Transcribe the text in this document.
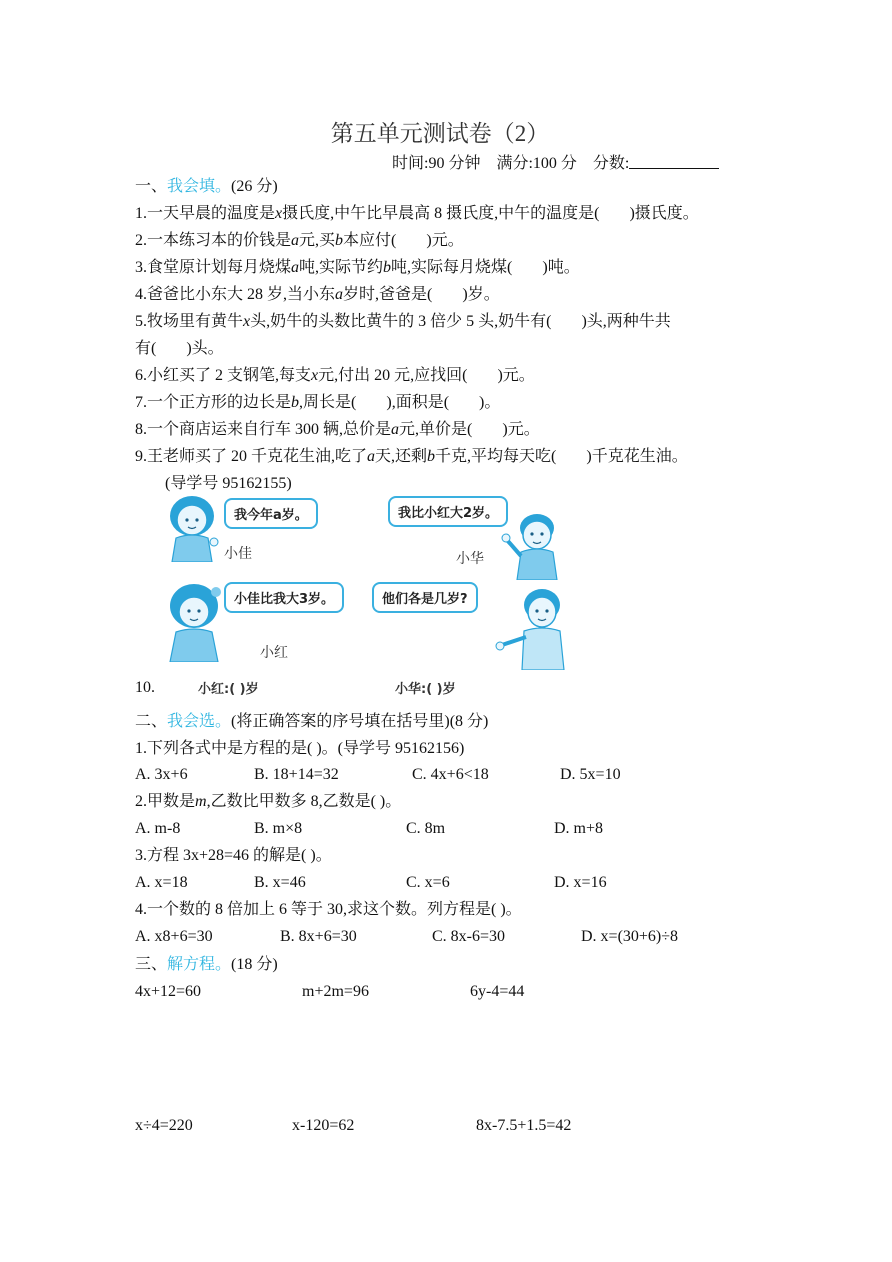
第五单元测试卷（2）
时间:90 分钟 满分:100 分 分数:
一、我会填。(26 分)
1.一天早晨的温度是x摄氏度,中午比早晨高 8 摄氏度,中午的温度是( )摄氏度。
2.一本练习本的价钱是a元,买b本应付( )元。
3.食堂原计划每月烧煤a吨,实际节约b吨,实际每月烧煤( )吨。
4.爸爸比小东大 28 岁,当小东a岁时,爸爸是( )岁。
5.牧场里有黄牛x头,奶牛的头数比黄牛的 3 倍少 5 头,奶牛有( )头,两种牛共
有( )头。
6.小红买了 2 支钢笔,每支x元,付出 20 元,应找回( )元。
7.一个正方形的边长是b,周长是( ),面积是( )。
8.一个商店运来自行车 300 辆,总价是a元,单价是( )元。
9.王老师买了 20 千克花生油,吃了a天,还剩b千克,平均每天吃( )千克花生油。
(导学号 95162155)
我今年a岁。	我比小红大2岁。
小佳比我大3岁。	他们各是几岁?
小佳	小华
小红
10.	小红:( )岁	小华:( )岁
二、我会选。(将正确答案的序号填在括号里)(8 分)
1.下列各式中是方程的是( )。(导学号 95162156)
A. 3x+6	B. 18+14=32	C. 4x+6<18	D. 5x=10
2.甲数是m,乙数比甲数多 8,乙数是( )。
A. m-8	B. m×8	C. 8m	D. m+8
3.方程 3x+28=46 的解是( )。
A. x=18	B. x=46	C. x=6	D. x=16
4.一个数的 8 倍加上 6 等于 30,求这个数。列方程是( )。
A. x8+6=30	B. 8x+6=30	C. 8x-6=30	D. x=(30+6)÷8
三、解方程。(18 分)
4x+12=60	m+2m=96	6y-4=44
x÷4=220	x-120=62	8x-7.5+1.5=42
